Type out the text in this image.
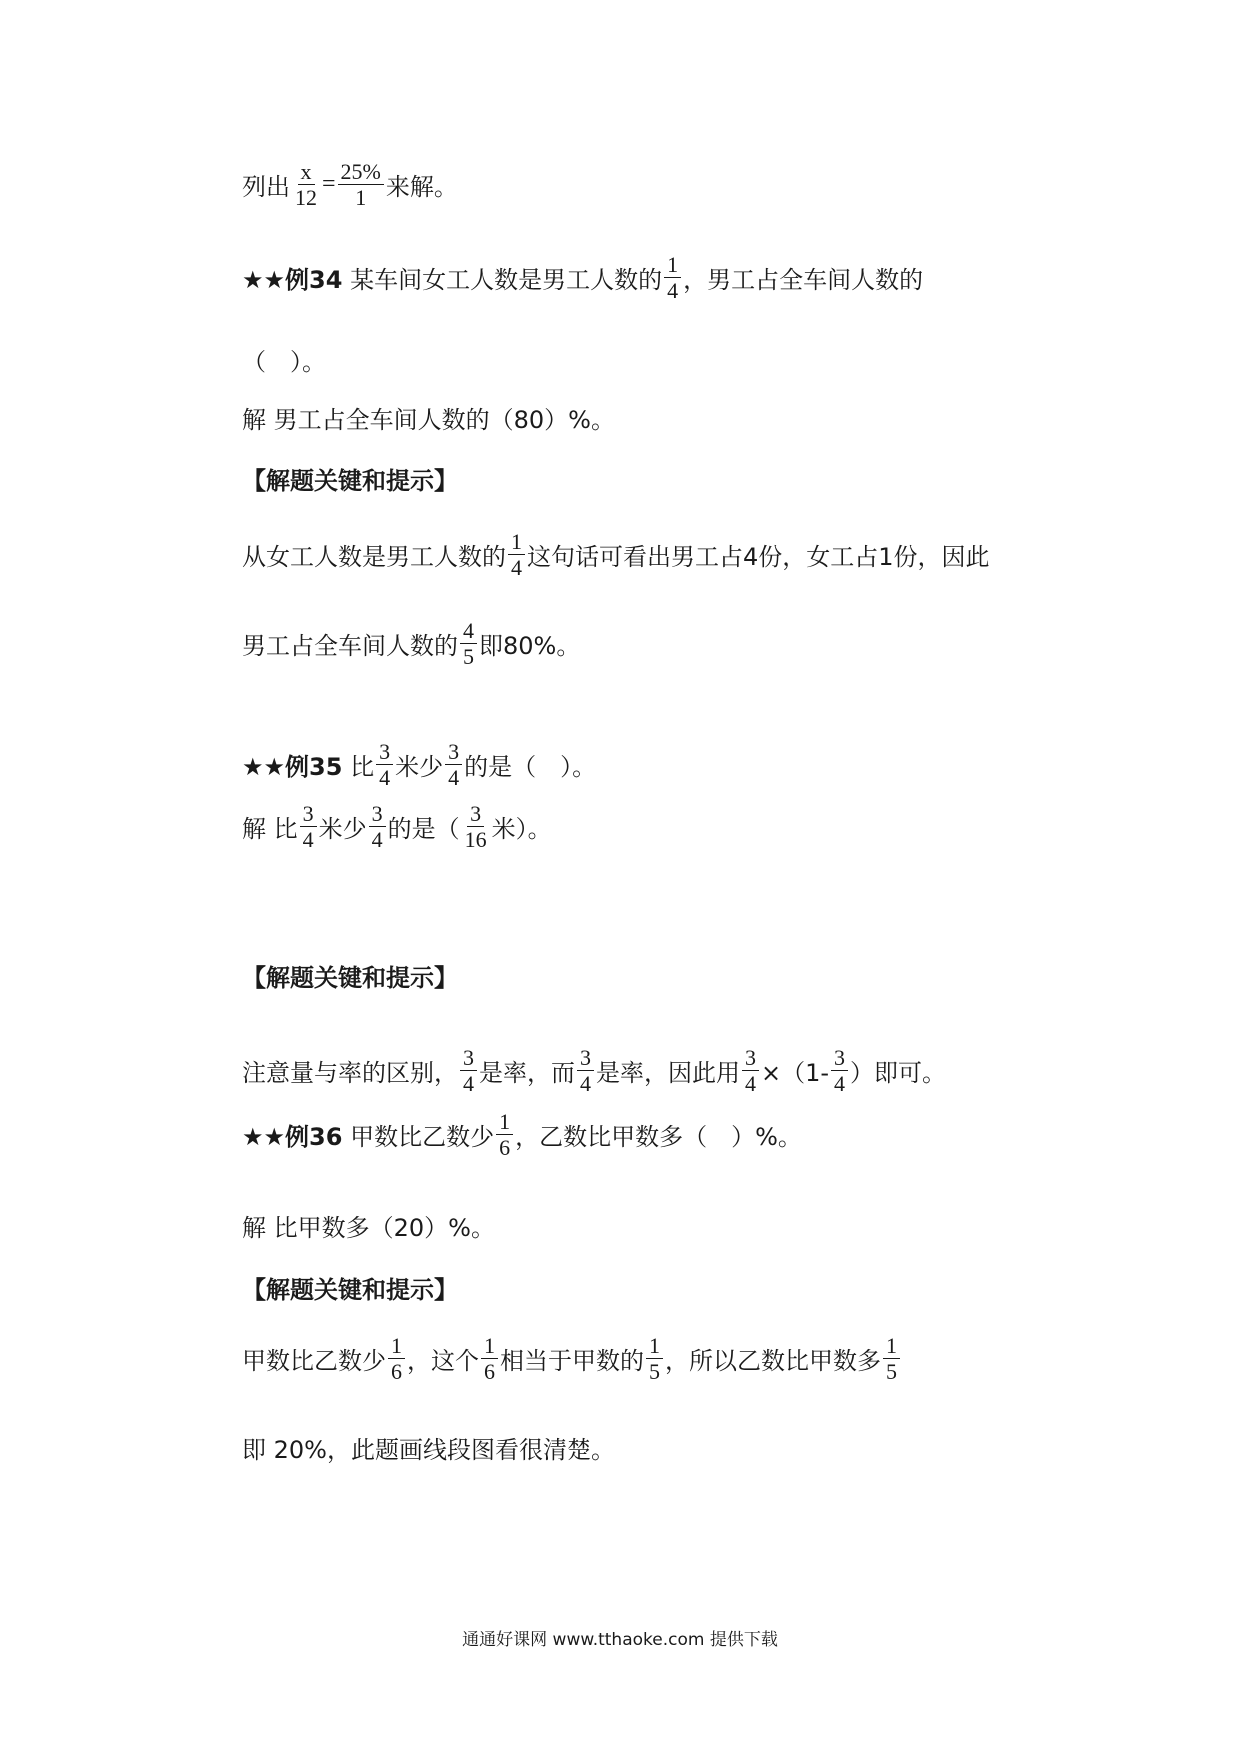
列出 $\frac{x}{12} = \frac{25\%}{1}$ 来解。
★★例34
某车间女工人数是男工人数的 $\frac{1}{4}$ ，男工占全车间人数的
（　）。
解 男工占全车间人数的（80）%。
【解题关键和提示】
从女工人数是男工人数的 $\frac{1}{4}$ 这句话可看出男工占4份，女工占1份，因此
男工占全车间人数的 $\frac{4}{5}$ 即80%。
★★例35
比 $\frac{3}{4}$ 米少 $\frac{3}{4}$ 的是（　）。
解 比 $\frac{3}{4}$ 米少 $\frac{3}{4}$ 的是（ $\frac{3}{16}$ 米）。
【解题关键和提示】
注意量与率的区别， $\frac{3}{4}$ 是率，而 $\frac{3}{4}$ 是率，因此用 $\frac{3}{4} \times(1- \frac{3}{4}$ ）即可。
★★例36
甲数比乙数少 $\frac{1}{6}$ ，乙数比甲数多（　）%。
解 比甲数多（20）%。
【解题关键和提示】
甲数比乙数少 $\frac{1}{6}$ ，这个 $\frac{1}{6}$ 相当于甲数的 $\frac{1}{5}$ ，所以乙数比甲数多 $\frac{1}{5}$
即 20%，此题画线段图看很清楚。
通通好课网 www.tthaoke.com 提供下载
